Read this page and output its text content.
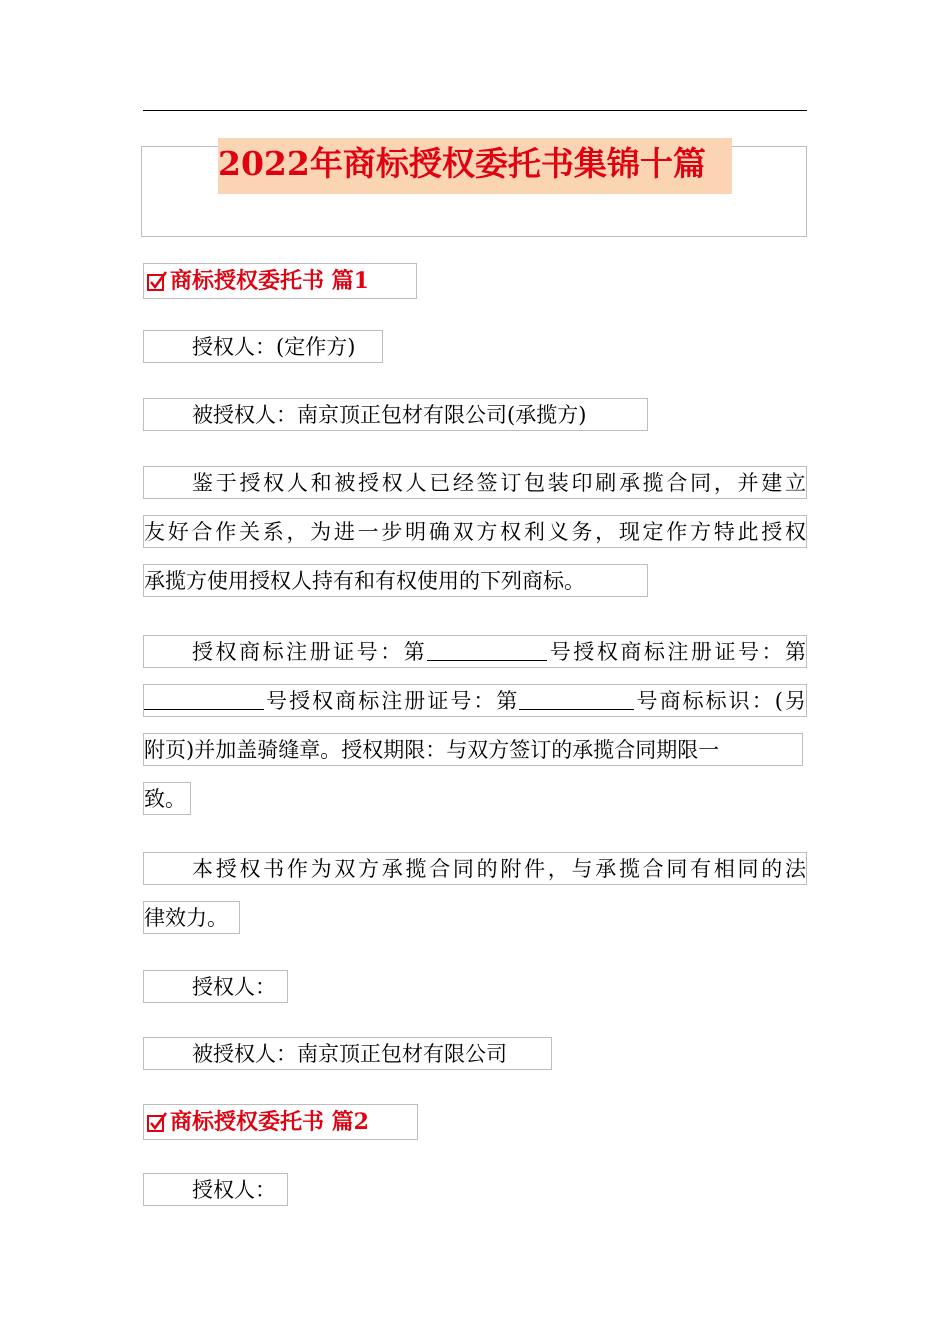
2022年商标授权委托书集锦十篇
商标授权委托书 篇1
授权人：(定作方)
被授权人：南京顶正包材有限公司(承揽方)
鉴于授权人和被授权人已经签订包装印刷承揽合同，并建立
友好合作关系，为进一步明确双方权利义务，现定作方特此授权
承揽方使用授权人持有和有权使用的下列商标。
授权商标注册证号：第	号授权商标注册证号：第
号授权商标注册证号：第	号商标标识：(另
附页)并加盖骑缝章。授权期限：与双方签订的承揽合同期限一
致。
本授权书作为双方承揽合同的附件，与承揽合同有相同的法
律效力。
授权人：
被授权人：南京顶正包材有限公司
商标授权委托书 篇2
授权人：
